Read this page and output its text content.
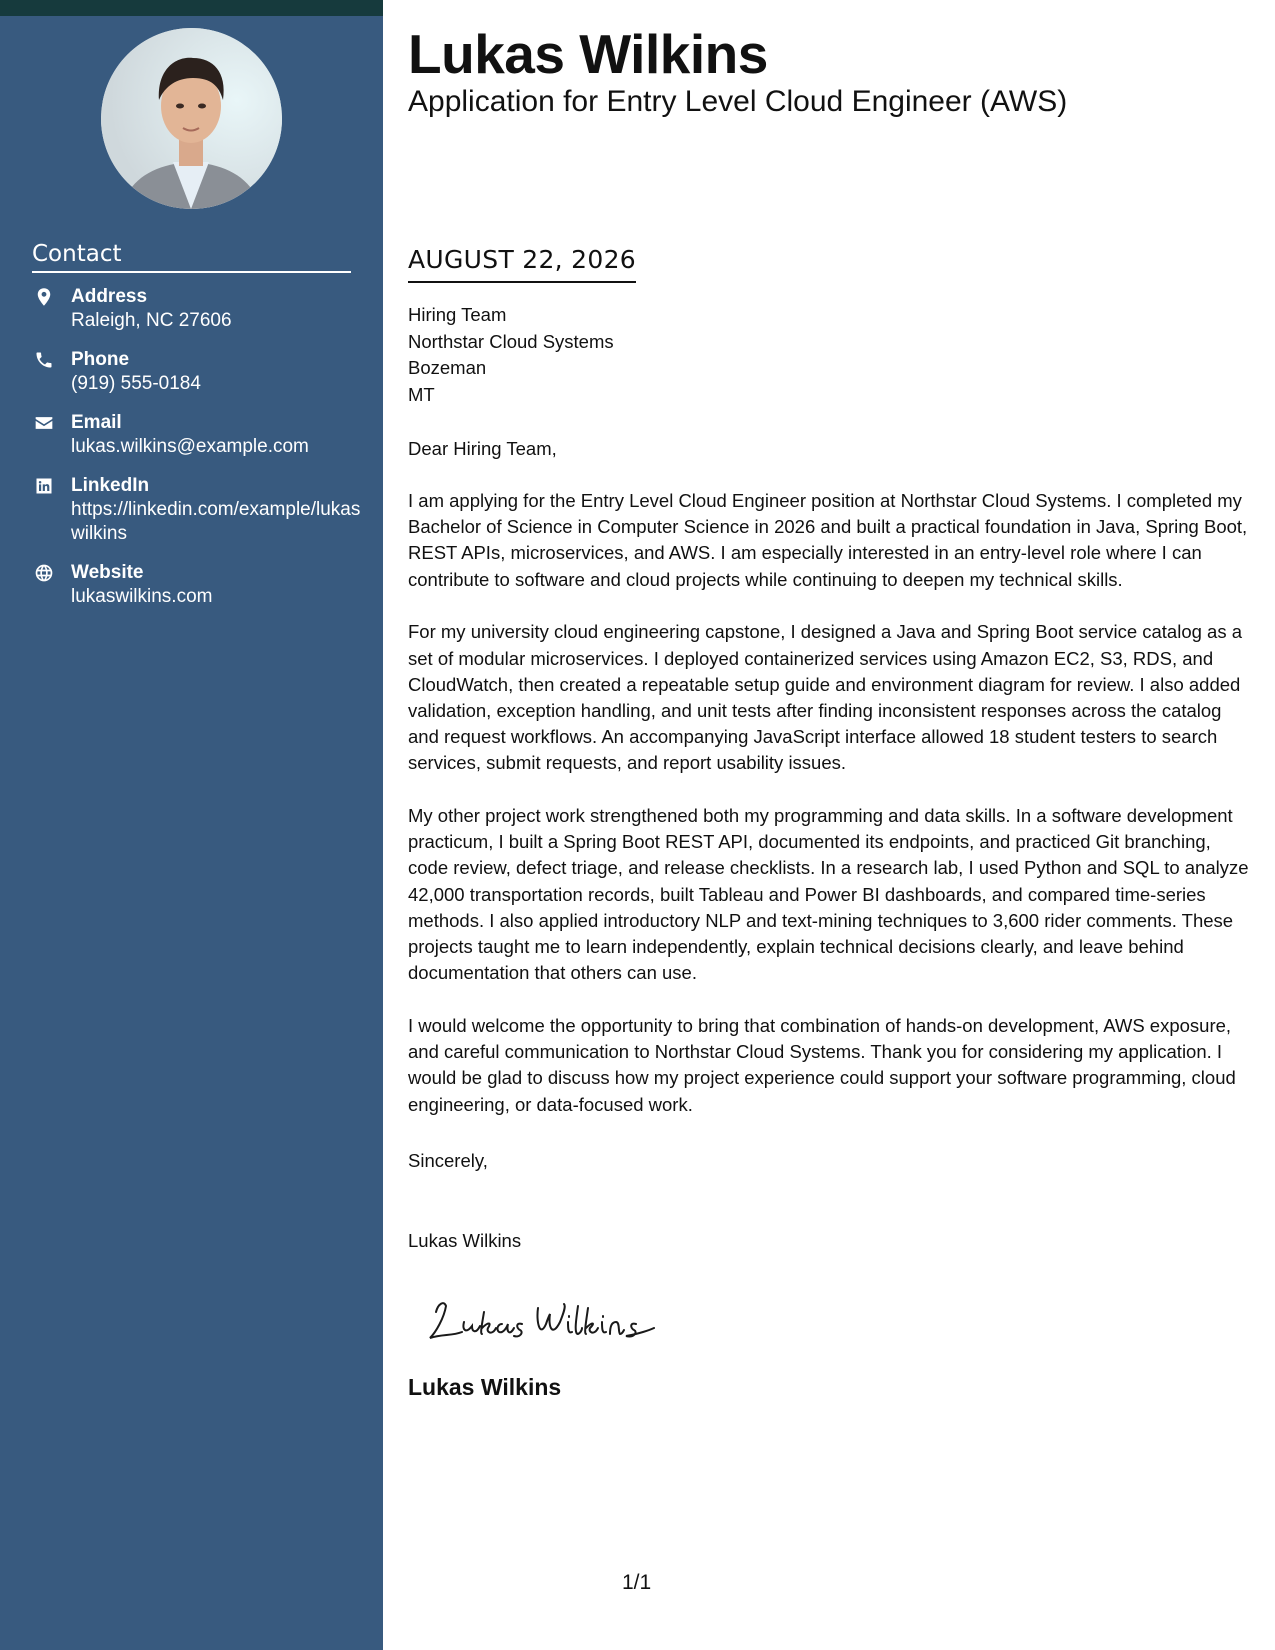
Contact
Address
Raleigh, NC 27606
Phone
(919) 555-0184
Email
lukas.wilkins@example.com
LinkedIn
https://linkedin.com/example/lukaswilkins
Website
lukaswilkins.com
Lukas Wilkins
Application for Entry Level Cloud Engineer (AWS)
AUGUST 22, 2026
Hiring Team
Northstar Cloud Systems
Bozeman
MT
Dear Hiring Team,

I am applying for the Entry Level Cloud Engineer position at Northstar Cloud Systems. I completed my Bachelor of Science in Computer Science in 2026 and built a practical foundation in Java, Spring Boot, REST APIs, microservices, and AWS. I am especially interested in an entry-level role where I can contribute to software and cloud projects while continuing to deepen my technical skills.

For my university cloud engineering capstone, I designed a Java and Spring Boot service catalog as a set of modular microservices. I deployed containerized services using Amazon EC2, S3, RDS, and CloudWatch, then created a repeatable setup guide and environment diagram for review. I also added validation, exception handling, and unit tests after finding inconsistent responses across the catalog and request workflows. An accompanying JavaScript interface allowed 18 student testers to search services, submit requests, and report usability issues.

My other project work strengthened both my programming and data skills. In a software development practicum, I built a Spring Boot REST API, documented its endpoints, and practiced Git branching, code review, defect triage, and release checklists. In a research lab, I used Python and SQL to analyze 42,000 transportation records, built Tableau and Power BI dashboards, and compared time-series methods. I also applied introductory NLP and text-mining techniques to 3,600 rider comments. These projects taught me to learn independently, explain technical decisions clearly, and leave behind documentation that others can use.

I would welcome the opportunity to bring that combination of hands-on development, AWS exposure, and careful communication to Northstar Cloud Systems. Thank you for considering my application. I would be glad to discuss how my project experience could support your software programming, cloud engineering, or data-focused work.

Sincerely,
Lukas Wilkins
Lukas Wilkins
1/1
